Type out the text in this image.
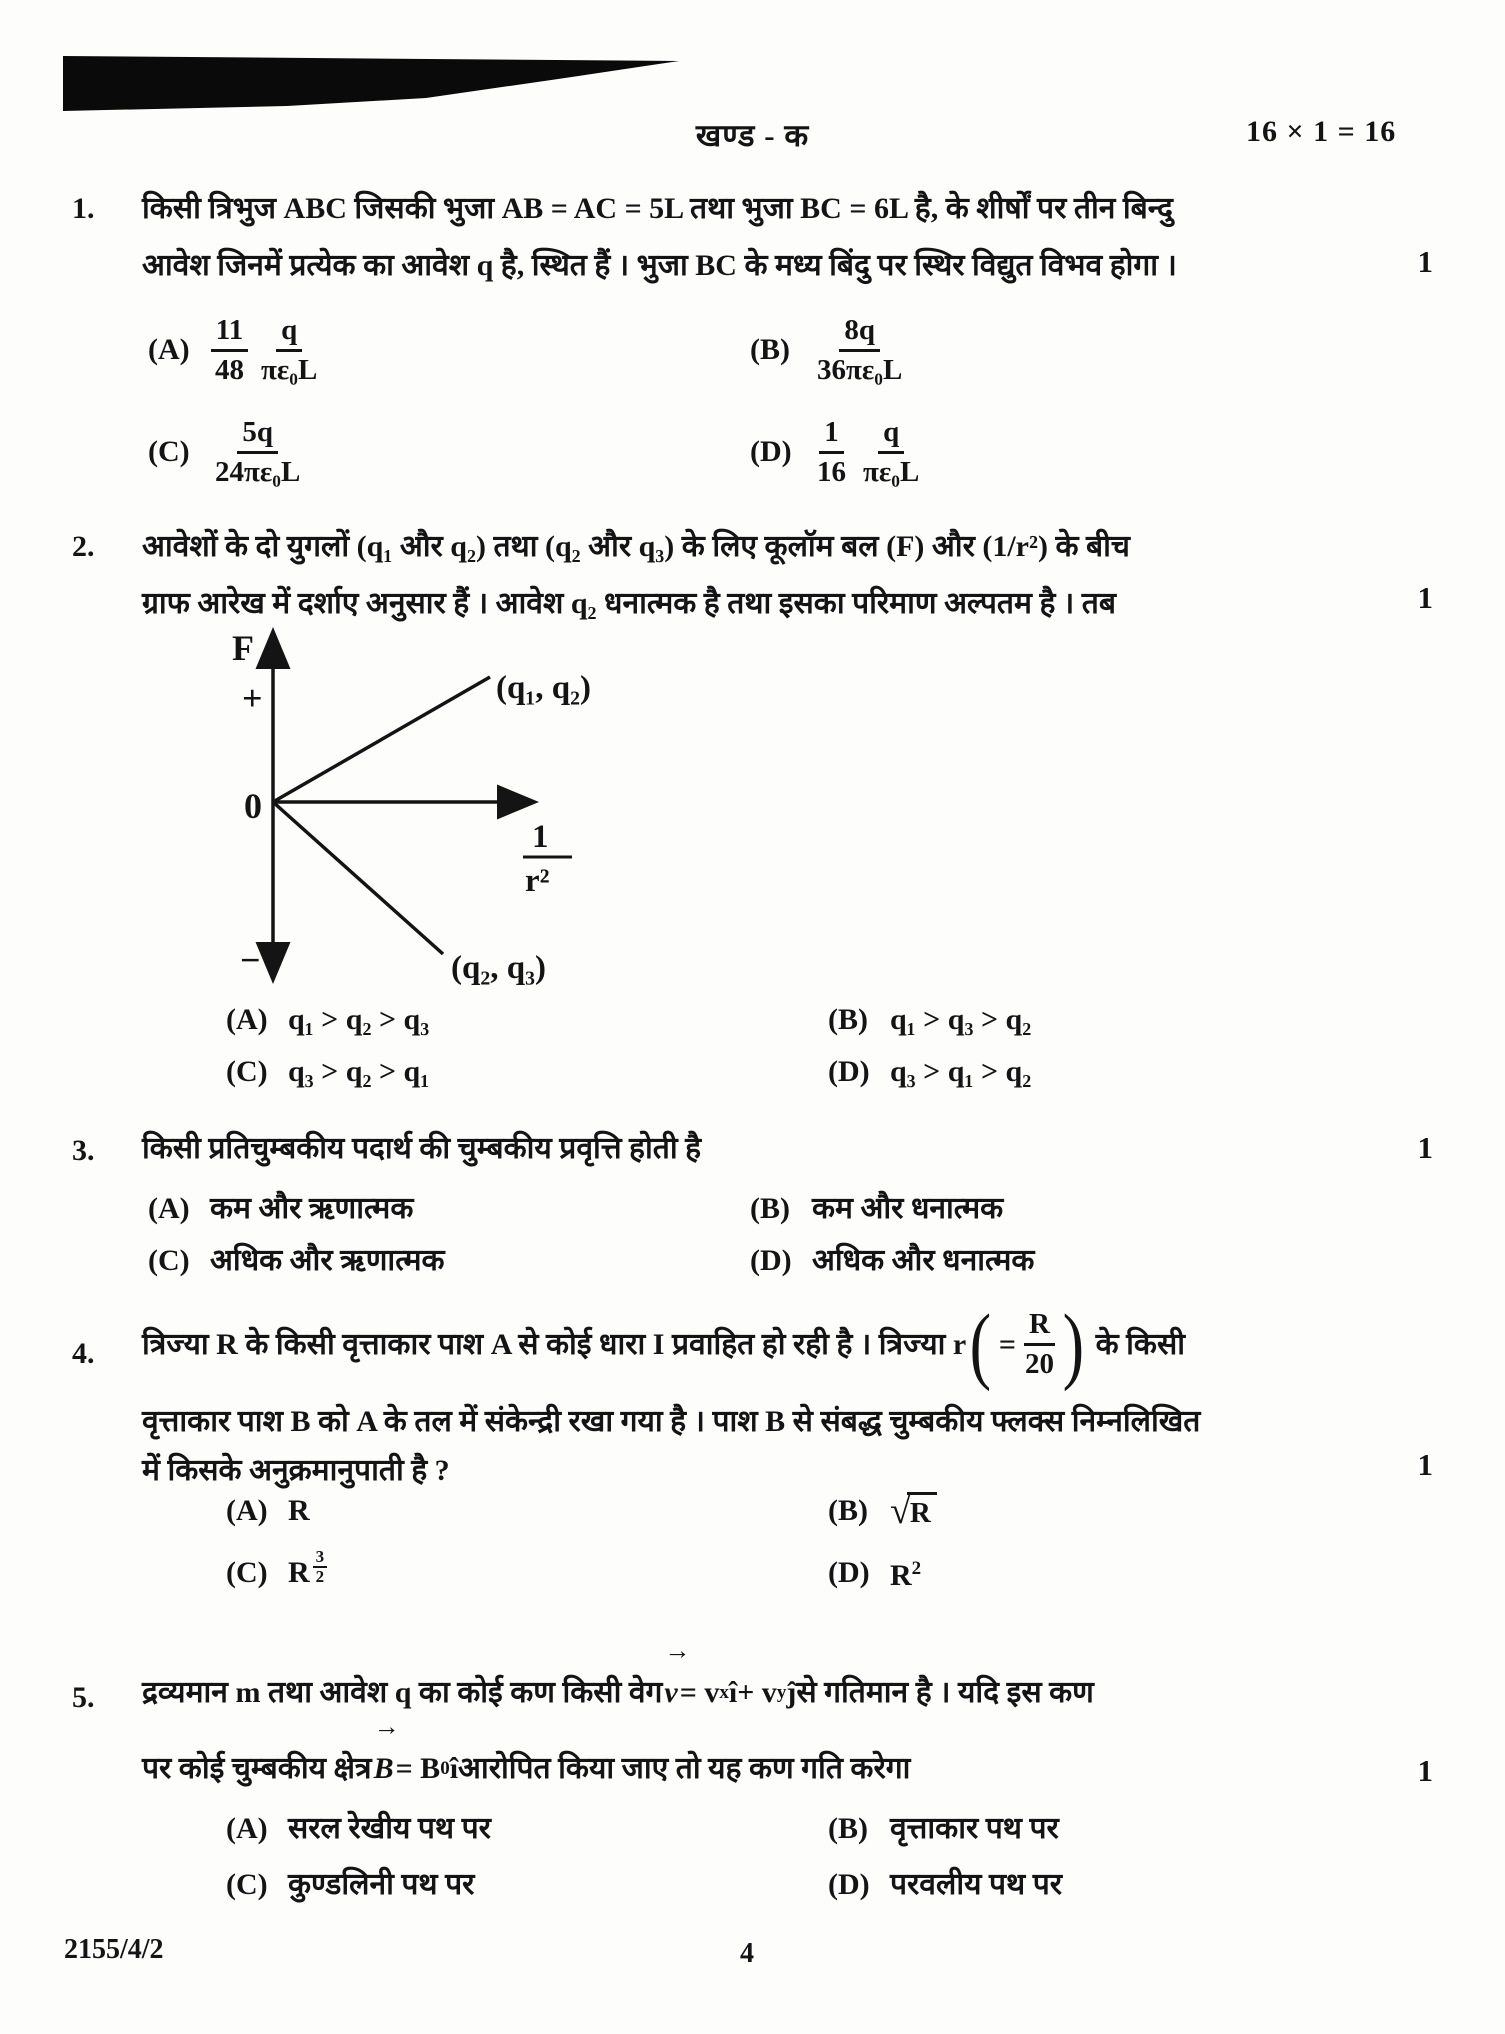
खण्ड - क	16 × 1 = 16
1.
1
किसी त्रिभुज ABC जिसकी भुजा AB = AC = 5L तथा भुजा BC = 6L है, के शीर्षों पर तीन बिन्दु
आवेश जिनमें प्रत्येक का आवेश q है, स्थित हैं । भुजा BC के मध्य बिंदु पर स्थिर विद्युत विभव होगा ।
$(A) \frac{11}{48} \frac{q}{\text{πε₀L}}$	$(B) \frac{8q}{\text{36πε₀L}}$
$(C) \frac{5q}{\text{24πε₀L}}$	$(D) \frac{1}{16} \frac{q}{\text{πε₀L}}$
2.
1
आवेशों के दो युगलों (q₁ और q₂) तथा (q₂ और q₃) के लिए कूलॉम बल (F) और (1/r²) के बीच
ग्राफ आरेख में दर्शाए अनुसार हैं । आवेश q₂ धनात्मक है तथा इसका परिमाण अल्पतम है । तब
F
+
0
−
1
r²
(q₁, q₂)
(q₂, q₃)
(A) q₁ > q₂ > q₃	(B) q₁ > q₃ > q₂
(C) q₃ > q₂ > q₁	(D) q₃ > q₁ > q₂
3.	1
किसी प्रतिचुम्बकीय पदार्थ की चुम्बकीय प्रवृत्ति होती है
(A) कम और ऋणात्मक	(B) कम और धनात्मक
(C) अधिक और ऋणात्मक	(D) अधिक और धनात्मक
4.
1
त्रिज्या R के किसी वृत्ताकार पाश A से कोई धारा I प्रवाहित हो रही है । त्रिज्या r ( = $\frac{R}{20}$ ) के किसी
वृत्ताकार पाश B को A के तल में संकेन्द्री रखा गया है । पाश B से संबद्ध चुम्बकीय फ्लक्स निम्नलिखित
में किसके अनुक्रमानुपाती है ?
(A) R	(B) √ R
(C) R $\frac{3}{2}$	(D) $R^2$
5.
1
द्रव्यमान m तथा आवेश q का कोई कण किसी वेग
→
v = v x î + v y ĵ से गतिमान है । यदि इस कण
पर कोई चुम्बकीय क्षेत्र
→
B = B 0 î आरोपित किया जाए तो यह कण गति करेगा
(A) सरल रेखीय पथ पर	(B) वृत्ताकार पथ पर
(C) कुण्डलिनी पथ पर	(D) परवलीय पथ पर
2155/4/2	4
